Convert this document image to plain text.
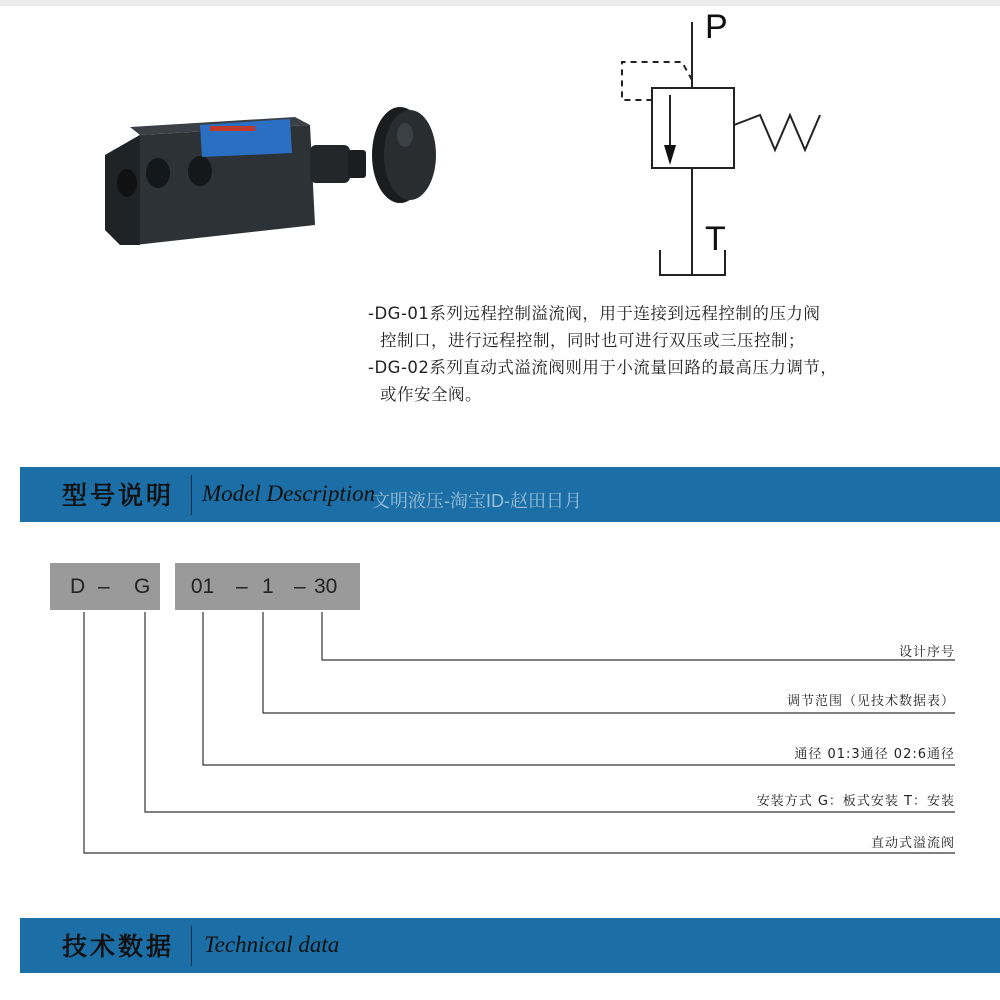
P
T

-DG-01系列远程控制溢流阀，用于连接到远程控制的压力阀

控制口，进行远程控制，同时也可进行双压或三压控制；

-DG-02系列直动式溢流阀则用于小流量回路的最高压力调节，

或作安全阀。

型号说明 Model Description
文明液压-淘宝ID-赵田日月
D – G 01 – 1 – 30
设计序号
调节范围（见技术数据表）
通径 01:3通径 02:6通径
安装方式 G：板式安装 T：安装
直动式溢流阀
技术数据 Technical data
